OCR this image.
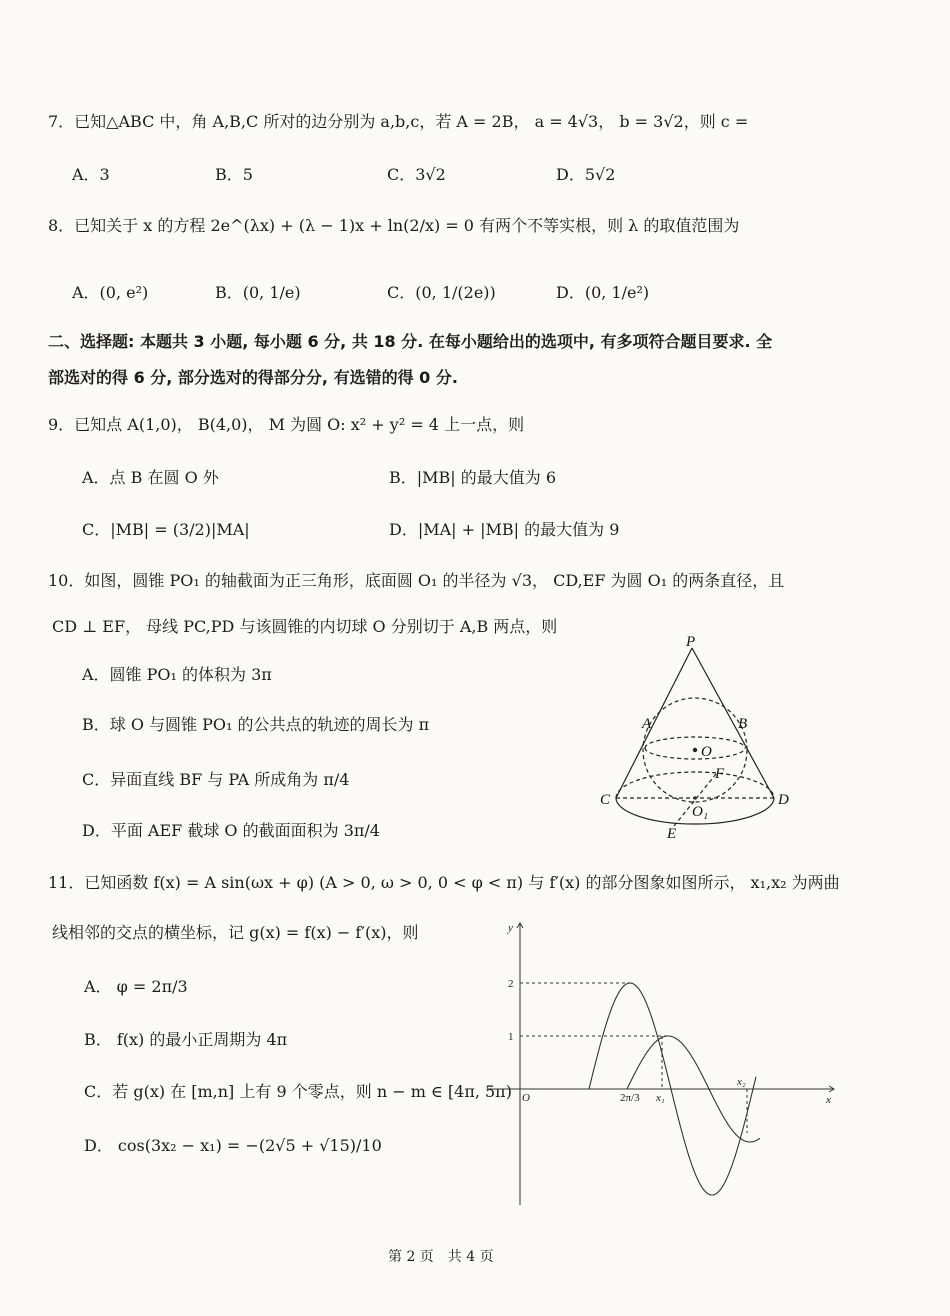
7．已知△ABC 中，角 A,B,C 所对的边分别为 a,b,c，若 A = 2B， a = 4√3， b = 3√2，则 c =
A．3	B．5	C．3√2	D．5√2
8．已知关于 x 的方程 2e^(λx) + (λ − 1)x + ln(2/x) = 0 有两个不等实根，则 λ 的取值范围为
A．(0, e²)	B．(0, 1/e)	C．(0, 1/(2e))	D．(0, 1/e²)
二、选择题: 本题共 3 小题, 每小题 6 分, 共 18 分. 在每小题给出的选项中, 有多项符合题目要求. 全
部选对的得 6 分, 部分选对的得部分分, 有选错的得 0 分.
9．已知点 A(1,0)， B(4,0)， M 为圆 O: x² + y² = 4 上一点，则
A．点 B 在圆 O 外	B．|MB| 的最大值为 6
C．|MB| = (3/2)|MA|	D．|MA| + |MB| 的最大值为 9
10．如图，圆锥 PO₁ 的轴截面为正三角形，底面圆 O₁ 的半径为 √3， CD,EF 为圆 O₁ 的两条直径，且
CD ⊥ EF， 母线 PC,PD 与该圆锥的内切球 O 分别切于 A,B 两点，则
A．圆锥 PO₁ 的体积为 3π
B．球 O 与圆锥 PO₁ 的公共点的轨迹的周长为 π
C．异面直线 BF 与 PA 所成角为 π/4
D．平面 AEF 截球 O 的截面面积为 3π/4
P
A	B
O
F
C	D
O₁
E
11．已知函数 f(x) = A sin(ωx + φ) (A > 0, ω > 0, 0 < φ < π) 与 f′(x) 的部分图象如图所示， x₁,x₂ 为两曲
线相邻的交点的横坐标，记 g(x) = f(x) − f′(x)，则
A． φ = 2π/3
B． f(x) 的最小正周期为 4π
C．若 g(x) 在 [m,n] 上有 9 个零点，则 n − m ∈ [4π, 5π)
D． cos(3x₂ − x₁) = −(2√5 + √15)/10
y
x
O
2
1
2π/3 x₁
x₂
第 2 页　共 4 页
